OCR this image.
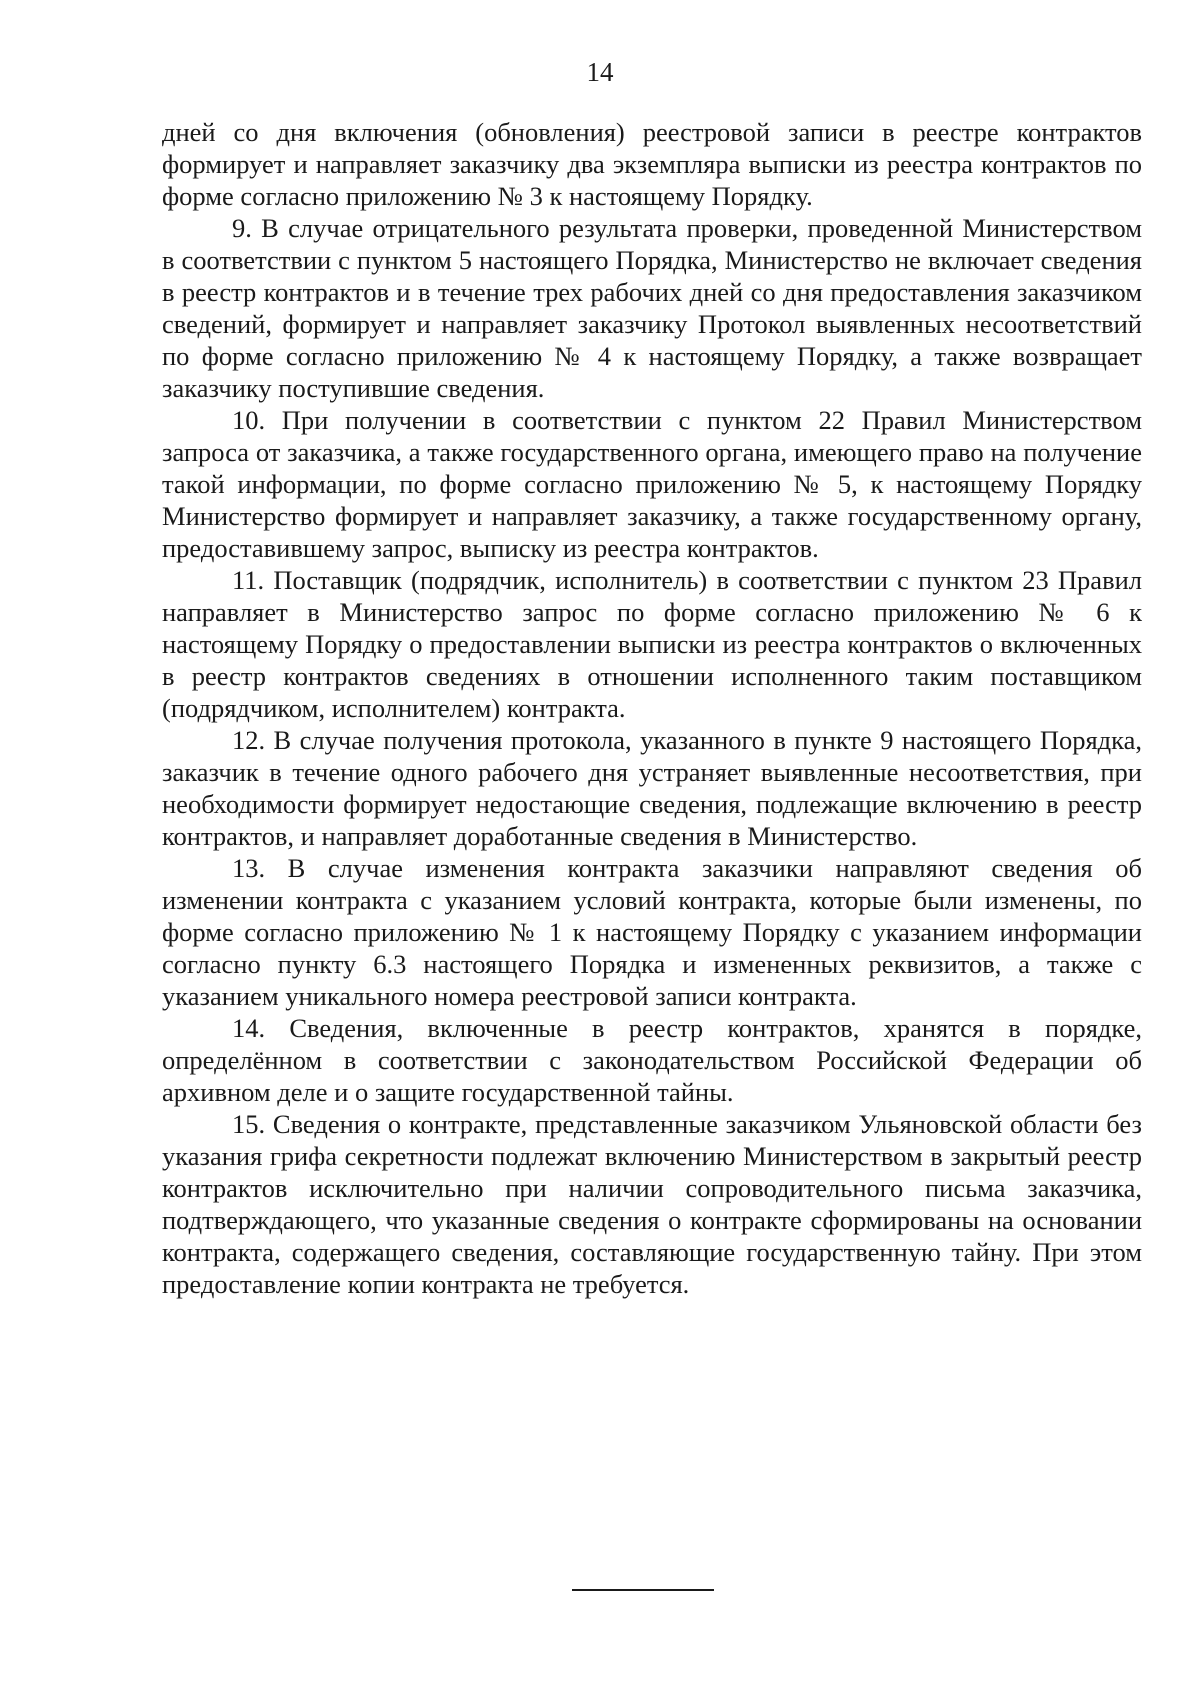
14

дней со дня включения (обновления) реестровой записи в реестре контрактов формирует и направляет заказчику два экземпляра выписки из реестра контрактов по форме согласно приложению № 3 к настоящему Порядку.

9. В случае отрицательного результата проверки, проведенной Министерством в соответствии с пунктом 5 настоящего Порядка, Министерство не включает сведения в реестр контрактов и в течение трех рабочих дней со дня предоставления заказчиком сведений, формирует и направляет заказчику Протокол выявленных несоответствий по форме согласно приложению № 4 к настоящему Порядку, а также возвращает заказчику поступившие сведения.

10. При получении в соответствии с пунктом 22 Правил Министерством запроса от заказчика, а также государственного органа, имеющего право на получение такой информации, по форме согласно приложению № 5, к настоящему Порядку Министерство формирует и направляет заказчику, а также государственному органу, предоставившему запрос, выписку из реестра контрактов.

11. Поставщик (подрядчик, исполнитель) в соответствии с пунктом 23 Правил направляет в Министерство запрос по форме согласно приложению № 6 к настоящему Порядку о предоставлении выписки из реестра контрактов о включенных в реестр контрактов сведениях в отношении исполненного таким поставщиком (подрядчиком, исполнителем) контракта.

12. В случае получения протокола, указанного в пункте 9 настоящего Порядка, заказчик в течение одного рабочего дня устраняет выявленные несоответствия, при необходимости формирует недостающие сведения, подлежащие включению в реестр контрактов, и направляет доработанные сведения в Министерство.

13. В случае изменения контракта заказчики направляют сведения об изменении контракта с указанием условий контракта, которые были изменены, по форме согласно приложению № 1 к настоящему Порядку с указанием информации согласно пункту 6.3 настоящего Порядка и измененных реквизитов, а также с указанием уникального номера реестровой записи контракта.

14. Сведения, включенные в реестр контрактов, хранятся в порядке, определённом в соответствии с законодательством Российской Федерации об архивном деле и о защите государственной тайны.

15. Сведения о контракте, представленные заказчиком Ульяновской области без указания грифа секретности подлежат включению Министерством в закрытый реестр контрактов исключительно при наличии сопроводительного письма заказчика, подтверждающего, что указанные сведения о контракте сформированы на основании контракта, содержащего сведения, составляющие государственную тайну. При этом предоставление копии контракта не требуется.
